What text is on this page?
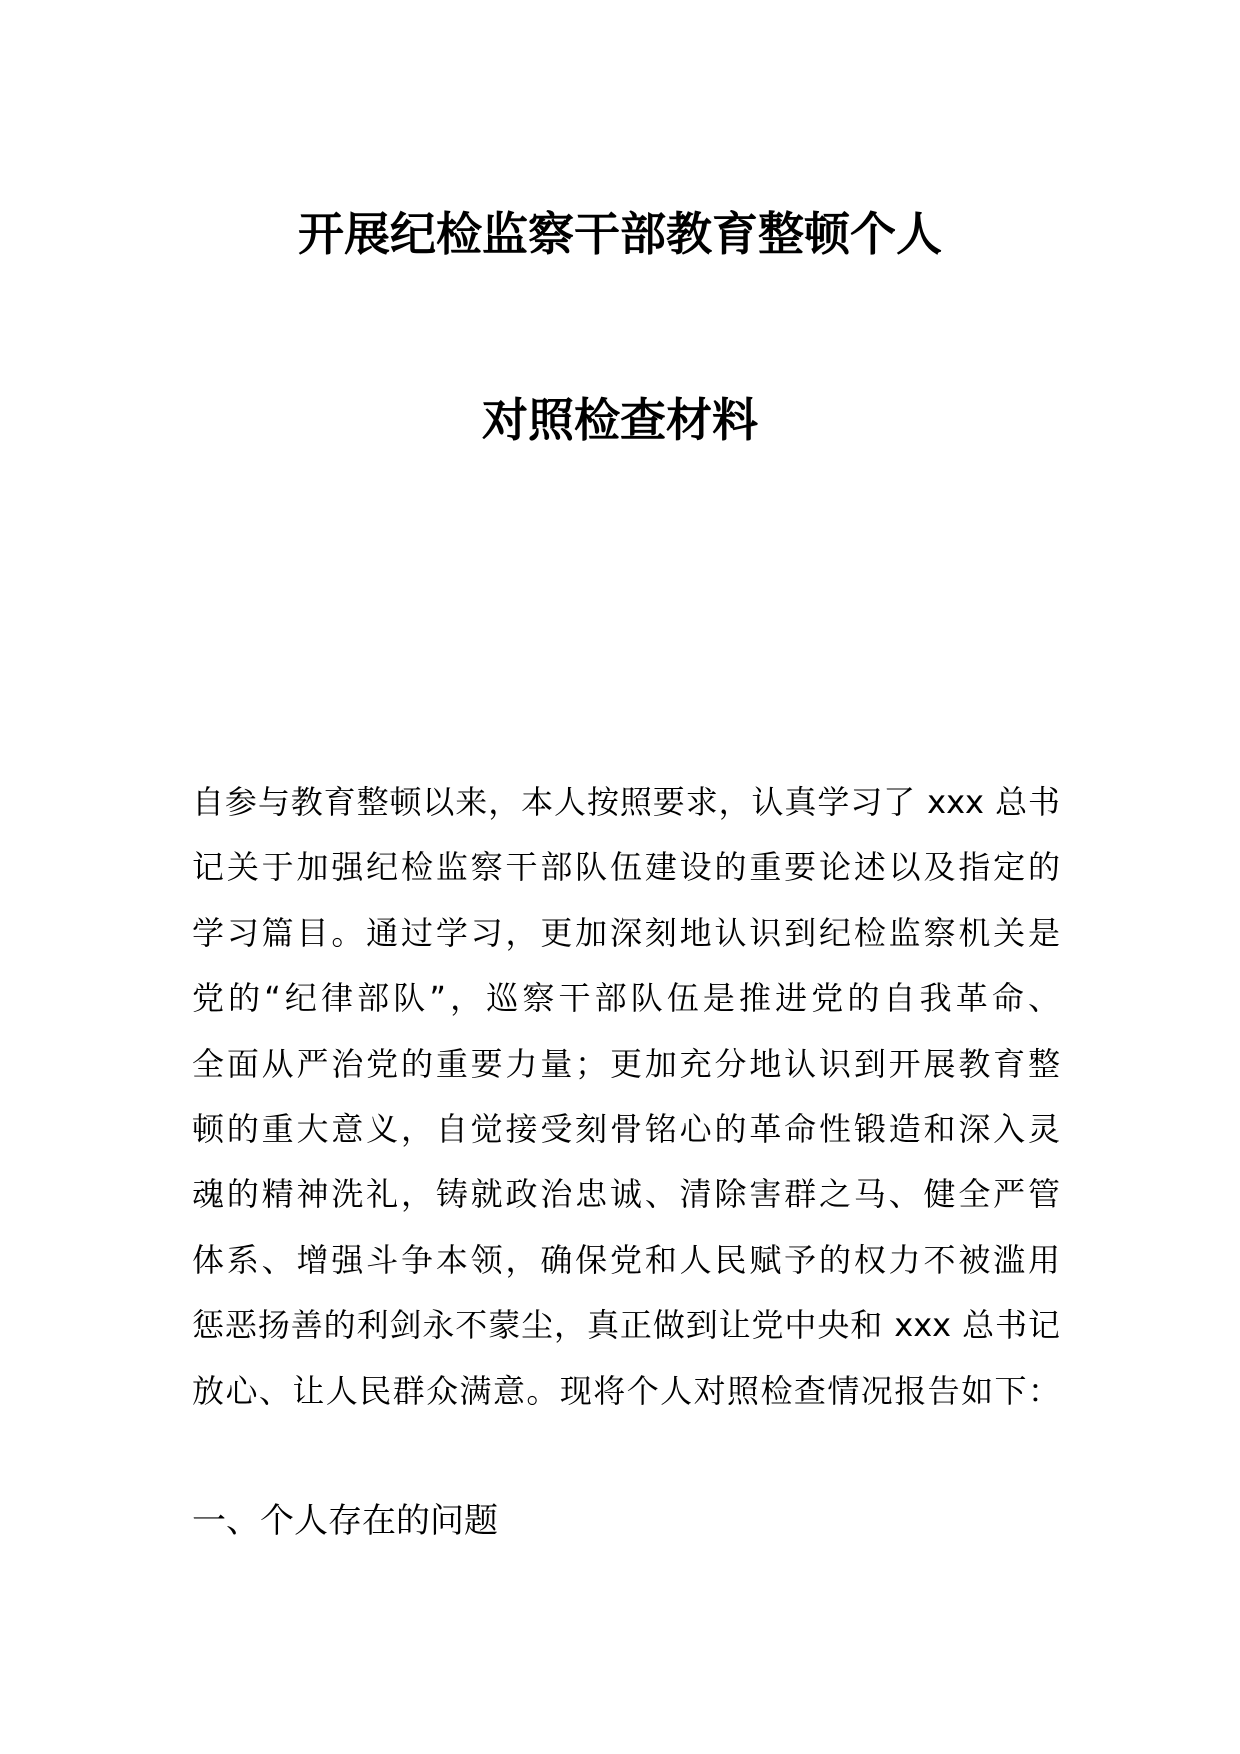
开展纪检监察干部教育整顿个人
对照检查材料
自参与教育整顿以来，本人按照要求，认真学习了 xxx 总书
记关于加强纪检监察干部队伍建设的重要论述以及指定的
学习篇目。通过学习，更加深刻地认识到纪检监察机关是
党的“纪律部队”，巡察干部队伍是推进党的自我革命、
全面从严治党的重要力量；更加充分地认识到开展教育整
顿的重大意义，自觉接受刻骨铭心的革命性锻造和深入灵
魂的精神洗礼，铸就政治忠诚、清除害群之马、健全严管
体系、增强斗争本领，确保党和人民赋予的权力不被滥用
惩恶扬善的利剑永不蒙尘，真正做到让党中央和 xxx 总书记
放心、让人民群众满意。现将个人对照检查情况报告如下：
一、个人存在的问题
